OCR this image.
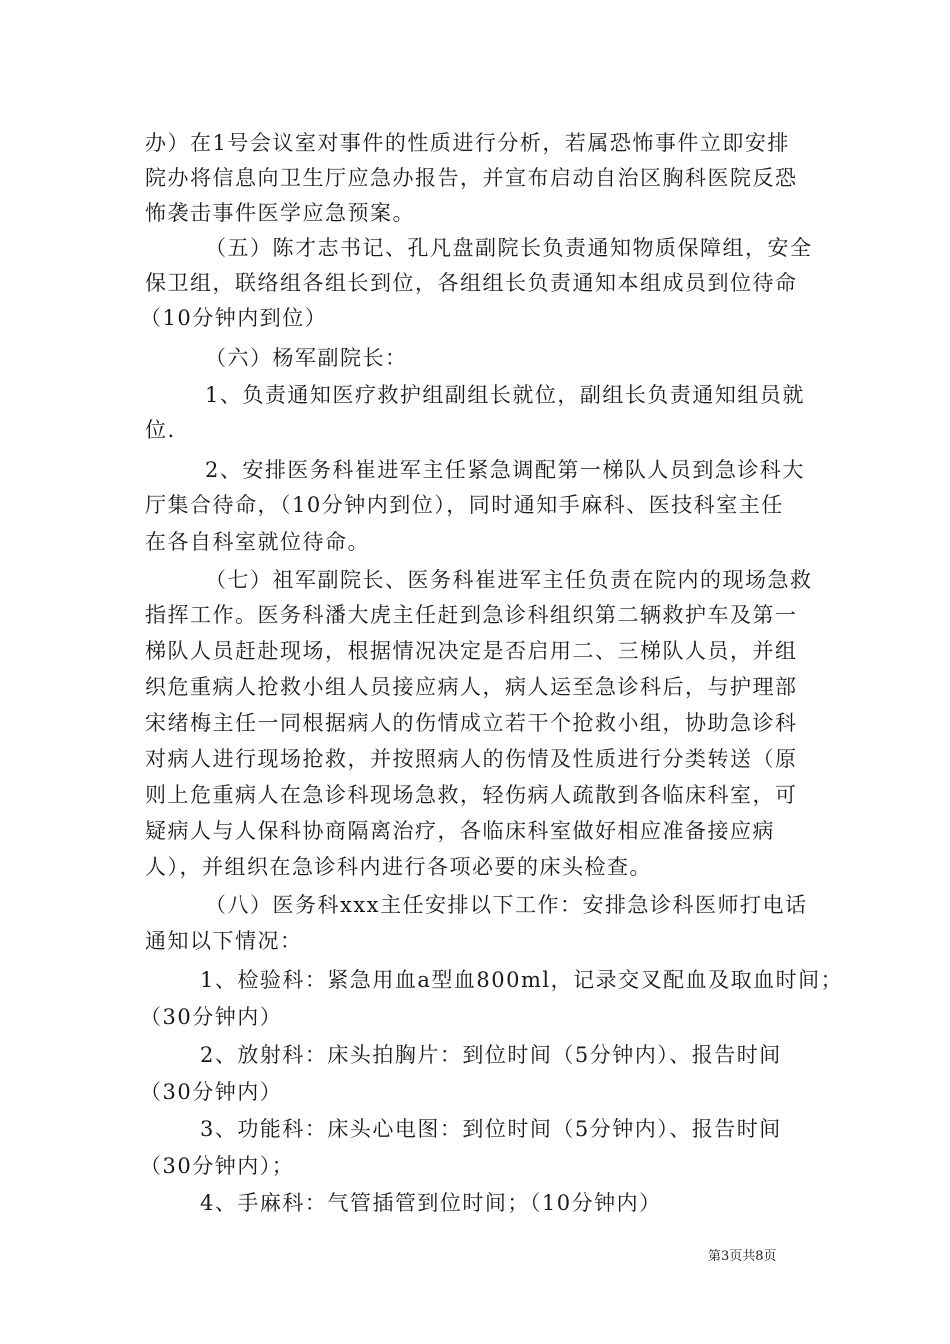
办）在1号会议室对事件的性质进行分析，若属恐怖事件立即安排
院办将信息向卫生厅应急办报告，并宣布启动自治区胸科医院反恐
怖袭击事件医学应急预案。
（五）陈才志书记、孔凡盘副院长负责通知物质保障组，安全
保卫组，联络组各组长到位，各组组长负责通知本组成员到位待命
（10分钟内到位）
（六）杨军副院长：
1、负责通知医疗救护组副组长就位，副组长负责通知组员就
位.
2、安排医务科崔进军主任紧急调配第一梯队人员到急诊科大
厅集合待命，（10分钟内到位），同时通知手麻科、医技科室主任
在各自科室就位待命。
（七）祖军副院长、医务科崔进军主任负责在院内的现场急救
指挥工作。医务科潘大虎主任赶到急诊科组织第二辆救护车及第一
梯队人员赶赴现场，根据情况决定是否启用二、三梯队人员，并组
织危重病人抢救小组人员接应病人，病人运至急诊科后，与护理部
宋绪梅主任一同根据病人的伤情成立若干个抢救小组，协助急诊科
对病人进行现场抢救，并按照病人的伤情及性质进行分类转送（原
则上危重病人在急诊科现场急救，轻伤病人疏散到各临床科室，可
疑病人与人保科协商隔离治疗，各临床科室做好相应准备接应病
人），并组织在急诊科内进行各项必要的床头检查。
（八）医务科xxx主任安排以下工作：安排急诊科医师打电话
通知以下情况：
1、检验科：紧急用血a型血800ml，记录交叉配血及取血时间；
（30分钟内）
2、放射科：床头拍胸片：到位时间（5分钟内）、报告时间
（30分钟内）
3、功能科：床头心电图：到位时间（5分钟内）、报告时间
（30分钟内）；
4、手麻科：气管插管到位时间；（10分钟内）
第3页共8页
